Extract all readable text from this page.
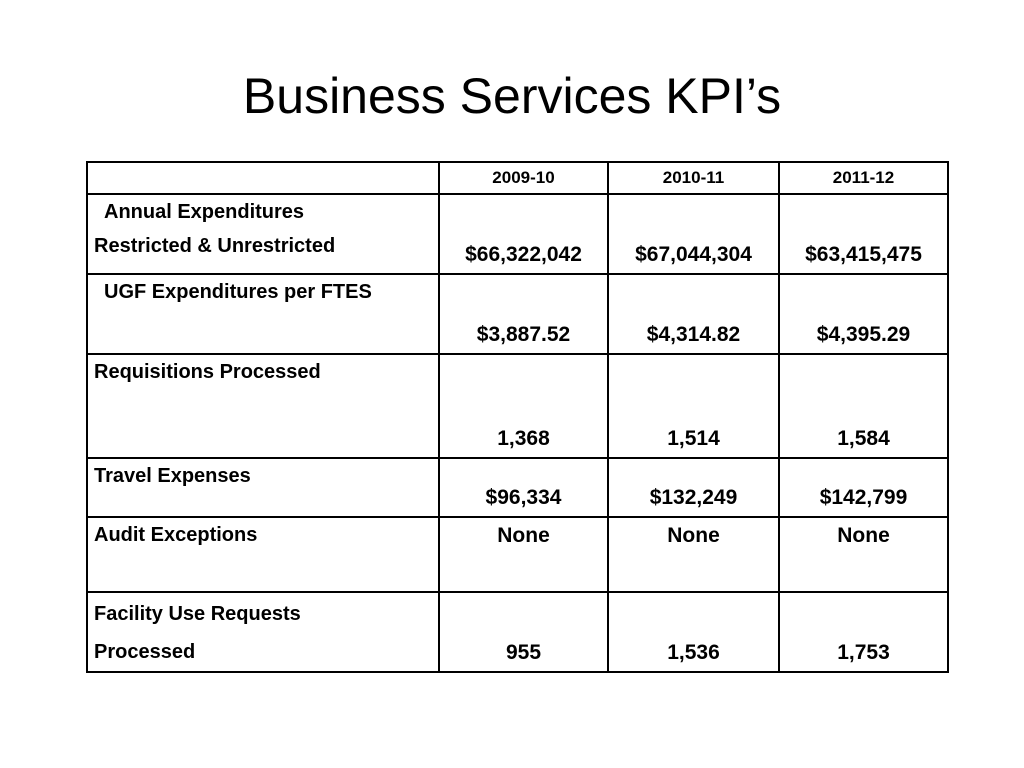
Business Services KPI’s
	2009-10	2010-11	2011-12

Annual Expenditures
Restricted & Unrestricted	$66,322,042	$67,044,304	$63,415,475

UGF Expenditures per FTES	$3,887.52	$4,314.82	$4,395.29

Requisitions Processed	1,368	1,514	1,584

Travel Expenses	$96,334	$132,249	$142,799

Audit Exceptions	None	None	None

Facility Use Requests
Processed	955	1,536	1,753
